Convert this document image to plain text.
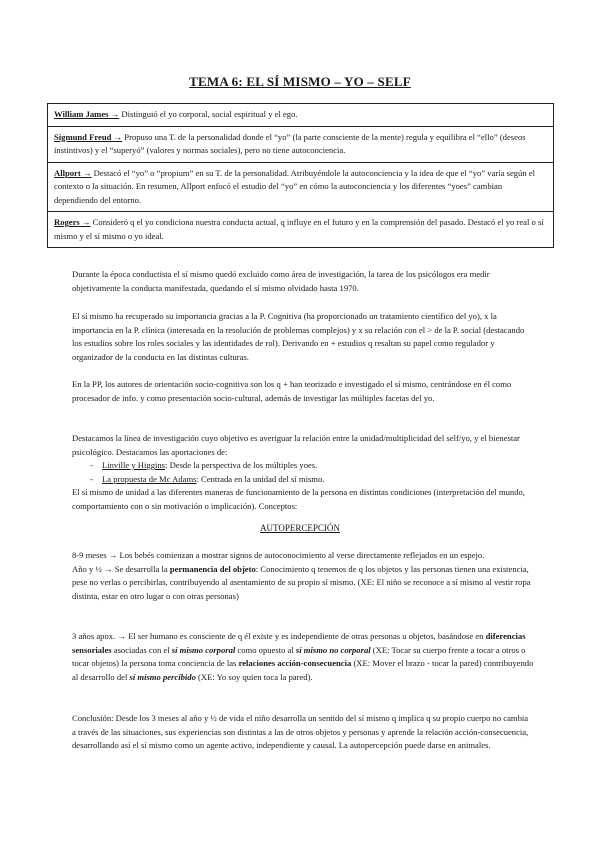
TEMA 6: EL SÍ MISMO – YO – SELF
William James → Distinguió el yo corporal, social espiritual y el ego.
Sigmund Freud → Propuso una T. de la personalidad donde el “yo” (la parte consciente de la mente) regula y equilibra el “ello” (deseos instintivos) y el “superyó” (valores y normas sociales), pero no tiene autoconciencia.
Allport → Destacó el “yo” o “propium” en su T. de la personalidad. Atribuyéndole la autoconciencia y la idea de que el “yo” varía según el contexto o la situación. En resumen, Allport enfocó el estudio del “yo” en cómo la autoconciencia y los diferentes “yoes” cambian dependiendo del entorno.
Rogers → Consideró q el yo condiciona nuestra conducta actual, q influye en el futuro y en la comprensión del pasado. Destacó el yo real o sí mismo y el sí mismo o yo ideal.

Durante la época conductista el sí mismo quedó excluido como área de investigación, la tarea de los psicólogos era medir objetivamente la conducta manifestada, quedando el sí mismo olvidado hasta 1970.

El sí mismo ha recuperado su importancia gracias a la P. Cognitiva (ha proporcionado un tratamiento científico del yo), x la importancia en la P. clínica (interesada en la resolución de problemas complejos) y x su relación con el > de la P. social (destacando los estudios sobre los roles sociales y las identidades de rol). Derivando en + estudios q resaltan su papel como regulador y organizador de la conducta en las distintas culturas.

En la PP, los autores de orientación socio-cognitiva son los q + han teorizado e investigado el sí mismo, centrándose en él como procesador de info. y como presentación socio-cultural, además de investigar las múltiples facetas del yo.

Destacamos la línea de investigación cuyo objetivo es averiguar la relación entre la unidad/multiplicidad del self/yo, y el bienestar psicológico. Destacamos las aportaciones de:

- Linville y Higgins: Desde la perspectiva de los múltiples yoes.
- La propuesta de Mc Adams: Centrada en la unidad del sí mismo.

El sí mismo de unidad a las diferentes maneras de funcionamiento de la persona en distintas condiciones (interpretación del mundo, comportamiento con o sin motivación o implicación). Conceptos:

AUTOPERCEPCIÓN

8-9 meses → Los bebés comienzan a mostrar signos de autoconocimiento al verse directamente reflejados en un espejo.

Año y ½ → Se desarrolla la permanencia del objeto: Conocimiento q tenemos de q los objetos y las personas tienen una existencia, pese no verlas o percibirlas, contribuyendo al asentamiento de su propio sí mismo. (XE: El niño se reconoce a sí mismo al vestir ropa distinta, estar en otro lugar o con otras personas)

3 años apox. → El ser humano es consciente de q él existe y es independiente de otras personas u objetos, basándose en diferencias sensoriales asociadas con el sí mismo corporal como opuesto al sí mismo no corporal (XE: Tocar su cuerpo frente a tocar a otros o tocar objetos) la persona toma conciencia de las relaciones acción-consecuencia (XE: Mover el brazo - tocar la pared) contribuyendo al desarrollo del sí mismo percibido (XE: Yo soy quien toca la pared).

Conclusión: Desde los 3 meses al año y ½ de vida el niño desarrolla un sentido del sí mismo q implica q su propio cuerpo no cambia a través de las situaciones, sus experiencias son distintas a las de otros objetos y personas y aprende la relación acción-consecuencia, desarrollando así el sí mismo como un agente activo, independiente y causal. La autopercepción puede darse en animales.
